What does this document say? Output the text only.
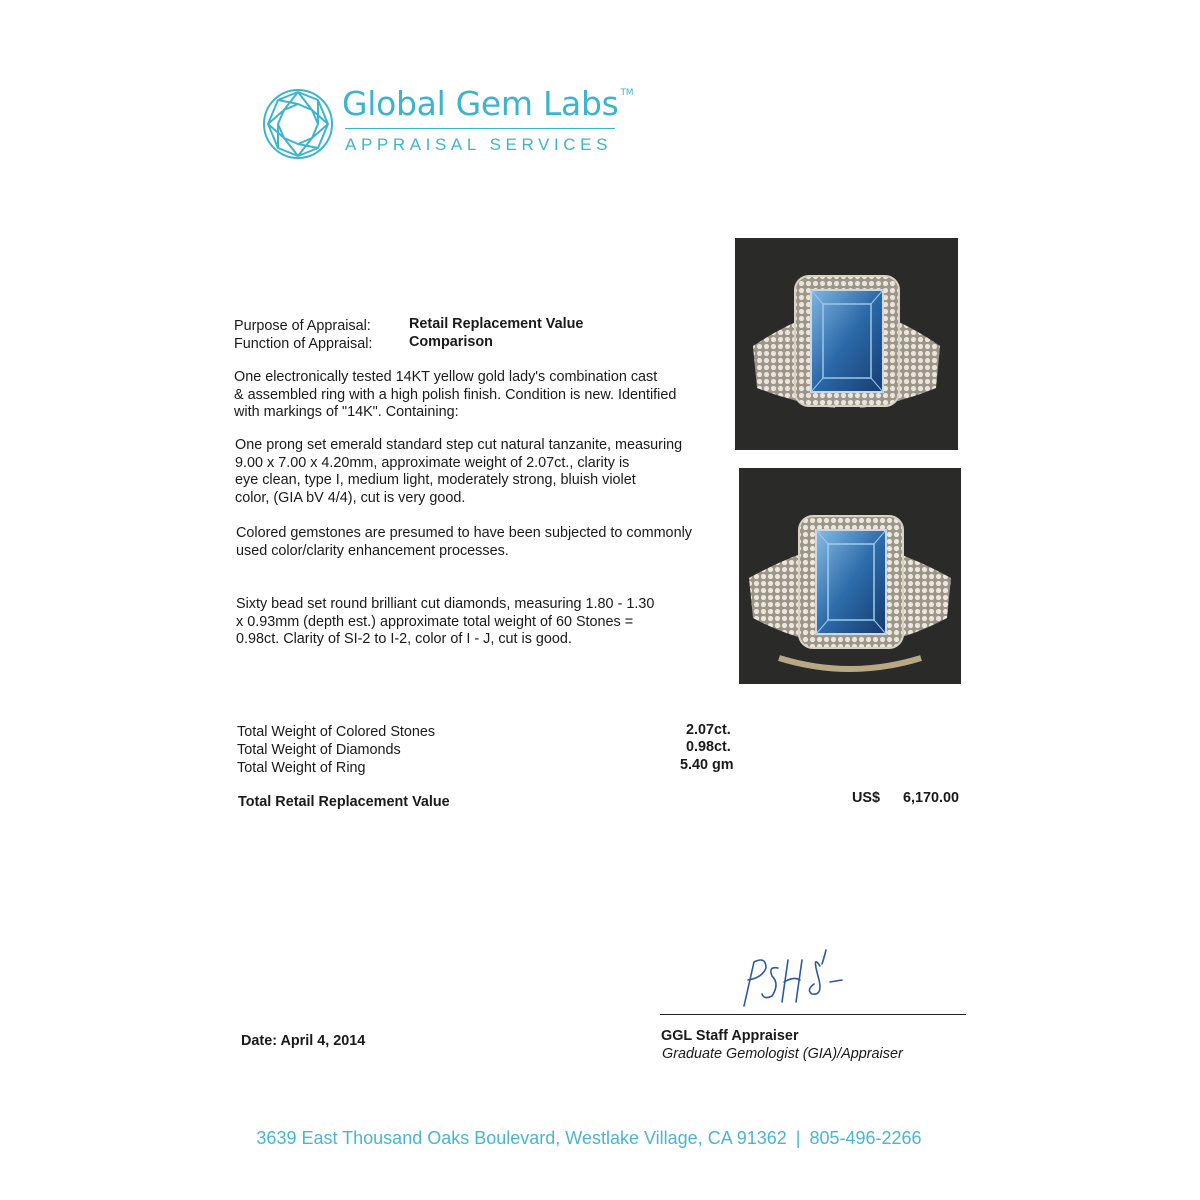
Global Gem Labs ™
APPRAISAL SERVICES
Purpose of Appraisal:	Retail Replacement Value
Function of Appraisal:	Comparison
One electronically tested 14KT yellow gold lady's combination cast
& assembled ring with a high polish finish. Condition is new. Identified
with markings of "14K". Containing:
One prong set emerald standard step cut natural tanzanite, measuring
9.00 x 7.00 x 4.20mm, approximate weight of 2.07ct., clarity is
eye clean, type I, medium light, moderately strong, bluish violet
color, (GIA bV 4/4), cut is very good.
Colored gemstones are presumed to have been subjected to commonly
used color/clarity enhancement processes.
Sixty bead set round brilliant cut diamonds, measuring 1.80 - 1.30
x 0.93mm (depth est.) approximate total weight of 60 Stones =
0.98ct. Clarity of SI-2 to I-2, color of I - J, cut is good.
Total Weight of Colored Stones	2.07ct.
Total Weight of Diamonds	0.98ct.
Total Weight of Ring	5.40 gm
Total Retail Replacement Value	US$ 6,170.00
Date: April 4, 2014	GGL Staff Appraiser
Graduate Gemologist (GIA)/Appraiser
3639 East Thousand Oaks Boulevard, Westlake Village, CA 91362 | 805-496-2266
